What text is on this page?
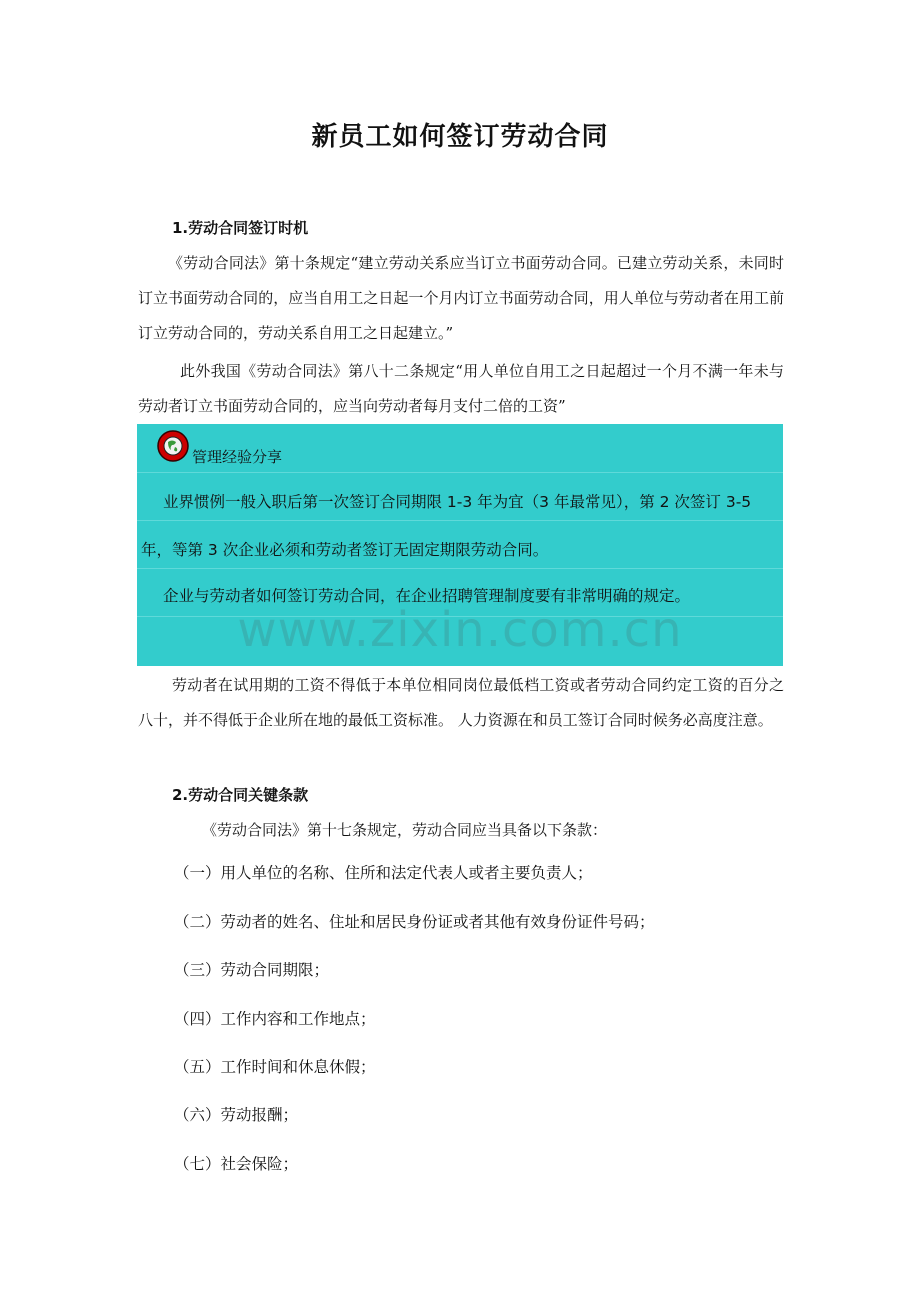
新员工如何签订劳动合同
1.劳动合同签订时机
《劳动合同法》第十条规定“建立劳动关系应当订立书面劳动合同。已建立劳动关系，未同时订立书面劳动合同的，应当自用工之日起一个月内订立书面劳动合同，用人单位与劳动者在用工前订立劳动合同的，劳动关系自用工之日起建立。”
此外我国《劳动合同法》第八十二条规定“用人单位自用工之日起超过一个月不满一年未与劳动者订立书面劳动合同的，应当向劳动者每月支付二倍的工资”
管理经验分享
业界惯例一般入职后第一次签订合同期限 1-3 年为宜（3 年最常见），第 2 次签订 3-5
年，等第 3 次企业必须和劳动者签订无固定期限劳动合同。
企业与劳动者如何签订劳动合同，在企业招聘管理制度要有非常明确的规定。
www.zixin.com.cn
劳动者在试用期的工资不得低于本单位相同岗位最低档工资或者劳动合同约定工资的百分之八十，并不得低于企业所在地的最低工资标准。 人力资源在和员工签订合同时候务必高度注意。
2.劳动合同关键条款
《劳动合同法》第十七条规定，劳动合同应当具备以下条款：
（一）用人单位的名称、住所和法定代表人或者主要负责人；
（二）劳动者的姓名、住址和居民身份证或者其他有效身份证件号码；
（三）劳动合同期限；
（四）工作内容和工作地点；
（五）工作时间和休息休假；
（六）劳动报酬；
（七）社会保险；
